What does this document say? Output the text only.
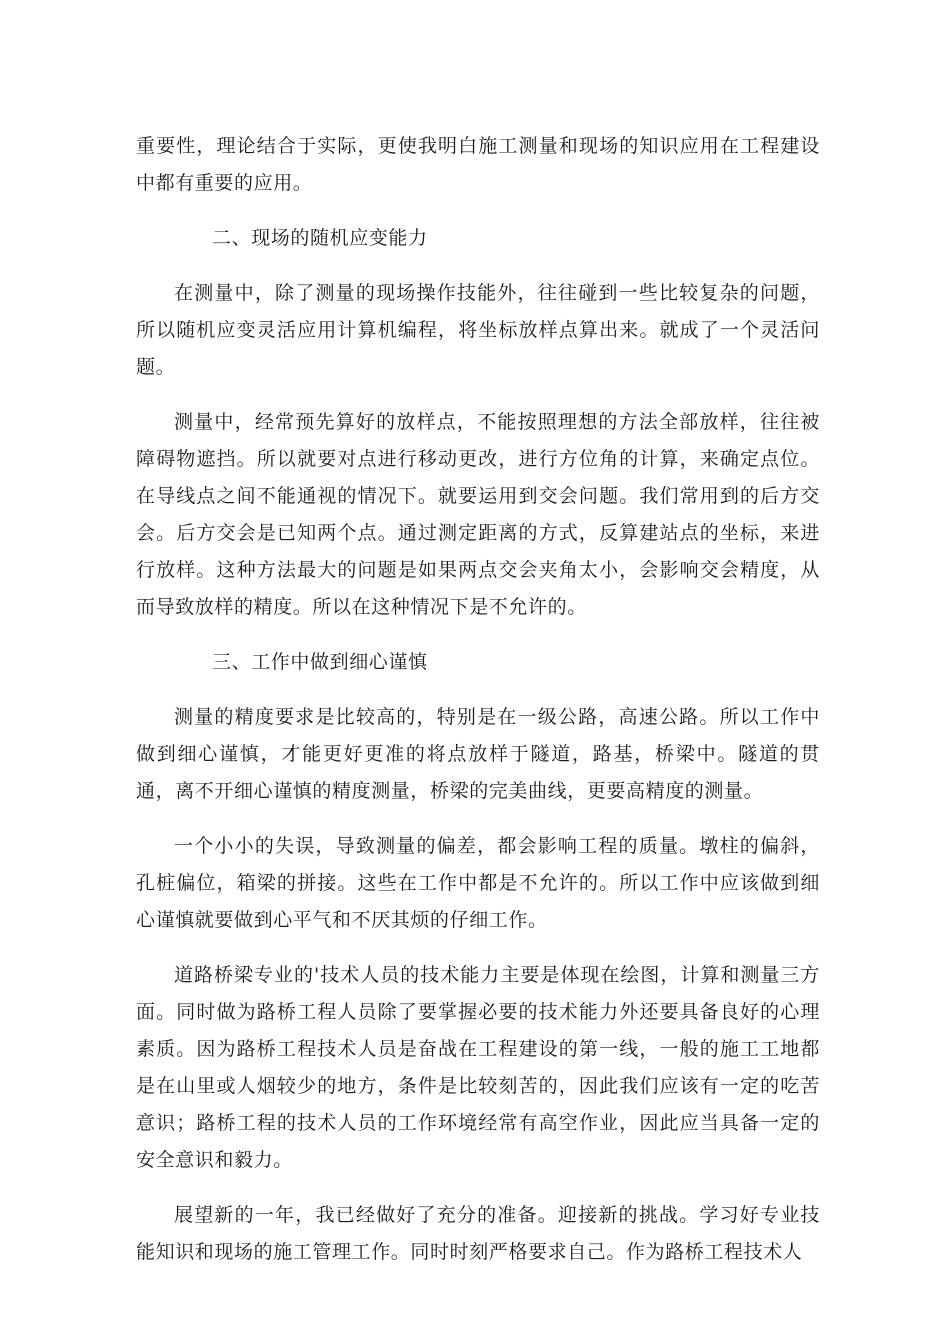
重要性，理论结合于实际，更使我明白施工测量和现场的知识应用在工程建设中都有重要的应用。

二、现场的随机应变能力

在测量中，除了测量的现场操作技能外，往往碰到一些比较复杂的问题，所以随机应变灵活应用计算机编程，将坐标放样点算出来。就成了一个灵活问题。

测量中，经常预先算好的放样点，不能按照理想的方法全部放样，往往被障碍物遮挡。所以就要对点进行移动更改，进行方位角的计算，来确定点位。在导线点之间不能通视的情况下。就要运用到交会问题。我们常用到的后方交会。后方交会是已知两个点。通过测定距离的方式，反算建站点的坐标，来进行放样。这种方法最大的问题是如果两点交会夹角太小，会影响交会精度，从而导致放样的精度。所以在这种情况下是不允许的。

三、工作中做到细心谨慎

测量的精度要求是比较高的，特别是在一级公路，高速公路。所以工作中做到细心谨慎，才能更好更准的将点放样于隧道，路基，桥梁中。隧道的贯通，离不开细心谨慎的精度测量，桥梁的完美曲线，更要高精度的测量。

一个小小的失误，导致测量的偏差，都会影响工程的质量。墩柱的偏斜，孔桩偏位，箱梁的拼接。这些在工作中都是不允许的。所以工作中应该做到细心谨慎就要做到心平气和不厌其烦的仔细工作。

道路桥梁专业的'技术人员的技术能力主要是体现在绘图，计算和测量三方面。同时做为路桥工程人员除了要掌握必要的技术能力外还要具备良好的心理素质。因为路桥工程技术人员是奋战在工程建设的第一线，一般的施工工地都是在山里或人烟较少的地方，条件是比较刻苦的，因此我们应该有一定的吃苦意识；路桥工程的技术人员的工作环境经常有高空作业，因此应当具备一定的安全意识和毅力。

展望新的一年，我已经做好了充分的准备。迎接新的挑战。学习好专业技能知识和现场的施工管理工作。同时时刻严格要求自己。作为路桥工程技术人
